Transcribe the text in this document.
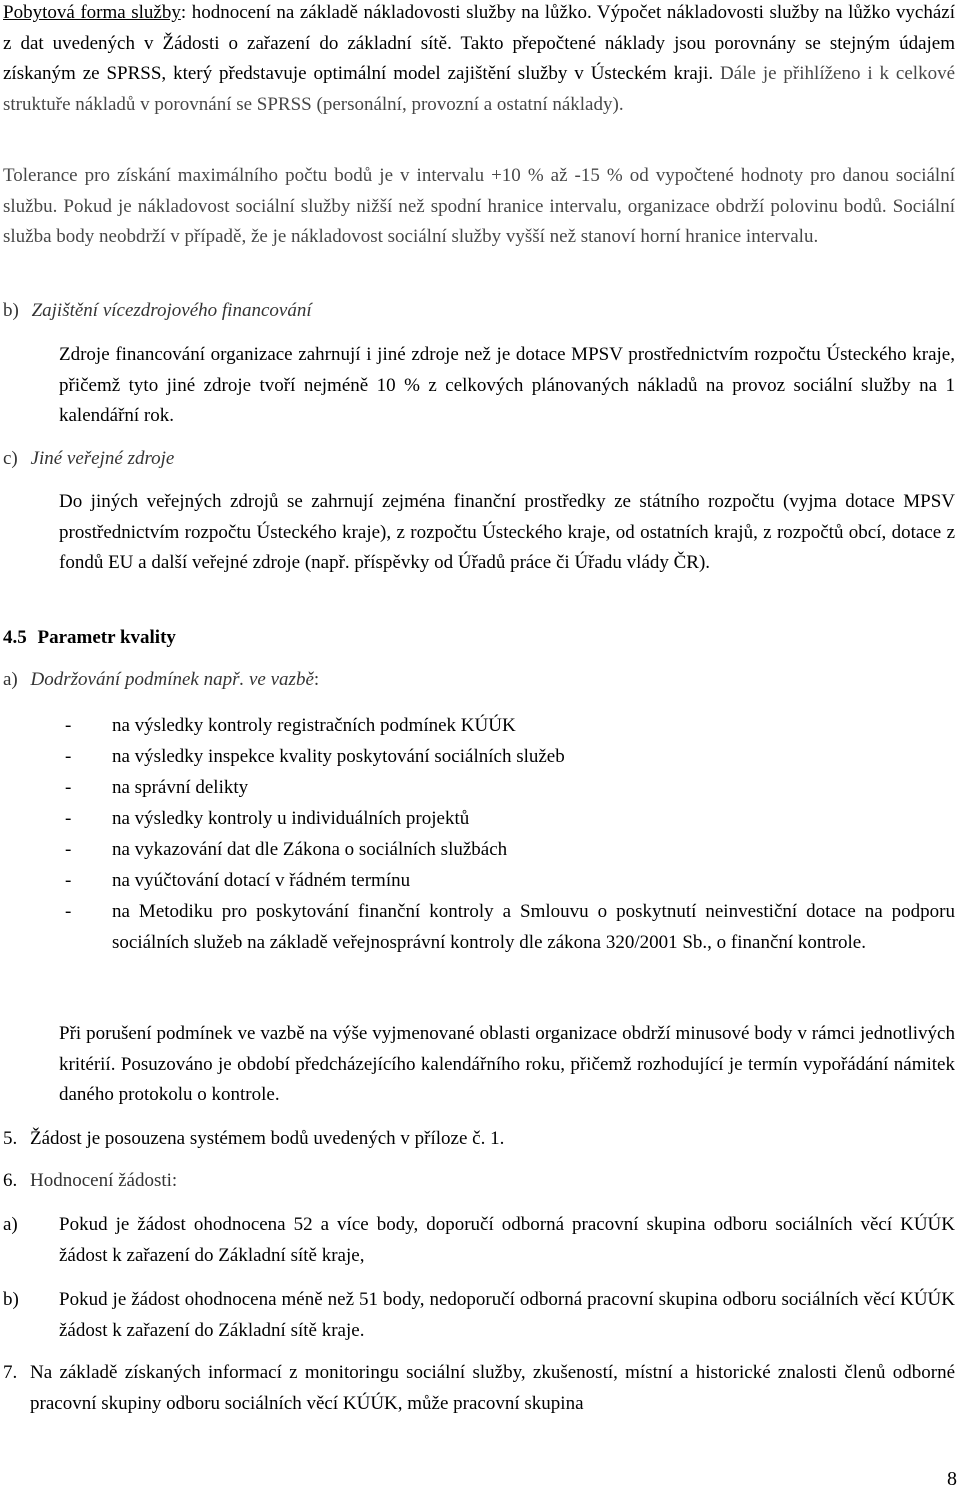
Pobytová forma služby: hodnocení na základě nákladovosti služby na lůžko. Výpočet nákladovosti služby na lůžko vychází z dat uvedených v Žádosti o zařazení do základní sítě. Takto přepočtené náklady jsou porovnány se stejným údajem získaným ze SPRSS, který představuje optimální model zajištění služby v Ústeckém kraji. Dále je přihlíženo i k celkové struktuře nákladů v porovnání se SPRSS (personální, provozní a ostatní náklady).

Tolerance pro získání maximálního počtu bodů je v intervalu +10 % až -15 % od vypočtené hodnoty pro danou sociální službu. Pokud je nákladovost sociální služby nižší než spodní hranice intervalu, organizace obdrží polovinu bodů. Sociální služba body neobdrží v případě, že je nákladovost sociální služby vyšší než stanoví horní hranice intervalu.

b) Zajištění vícezdrojového financování

Zdroje financování organizace zahrnují i jiné zdroje než je dotace MPSV prostřednictvím rozpočtu Ústeckého kraje, přičemž tyto jiné zdroje tvoří nejméně 10 % z celkových plánovaných nákladů na provoz sociální služby na 1 kalendářní rok.

c) Jiné veřejné zdroje

Do jiných veřejných zdrojů se zahrnují zejména finanční prostředky ze státního rozpočtu (vyjma dotace MPSV prostřednictvím rozpočtu Ústeckého kraje), z rozpočtu Ústeckého kraje, od ostatních krajů, z rozpočtů obcí, dotace z fondů EU a další veřejné zdroje (např. příspěvky od Úřadů práce či Úřadu vlády ČR).

4.5 Parametr kvality
a) Dodržování podmínek např. ve vazbě:
- na výsledky kontroly registračních podmínek KÚÚK
- na výsledky inspekce kvality poskytování sociálních služeb
- na správní delikty
- na výsledky kontroly u individuálních projektů
- na vykazování dat dle Zákona o sociálních službách
- na vyúčtování dotací v řádném termínu
- na Metodiku pro poskytování finanční kontroly a Smlouvu o poskytnutí neinvestiční dotace na podporu sociálních služeb na základě veřejnosprávní kontroly dle zákona 320/2001 Sb., o finanční kontrole.

Při porušení podmínek ve vazbě na výše vyjmenované oblasti organizace obdrží minusové body v rámci jednotlivých kritérií. Posuzováno je období předcházejícího kalendářního roku, přičemž rozhodující je termín vypořádání námitek daného protokolu o kontrole.

5. Žádost je posouzena systémem bodů uvedených v příloze č. 1.

6. Hodnocení žádosti:

a) Pokud je žádost ohodnocena 52 a více body, doporučí odborná pracovní skupina odboru sociálních věcí KÚÚK žádost k zařazení do Základní sítě kraje,

b) Pokud je žádost ohodnocena méně než 51 body, nedoporučí odborná pracovní skupina odboru sociálních věcí KÚÚK žádost k zařazení do Základní sítě kraje.

7. Na základě získaných informací z monitoringu sociální služby, zkušeností, místní a historické znalosti členů odborné pracovní skupiny odboru sociálních věcí KÚÚK, může pracovní skupina

8
